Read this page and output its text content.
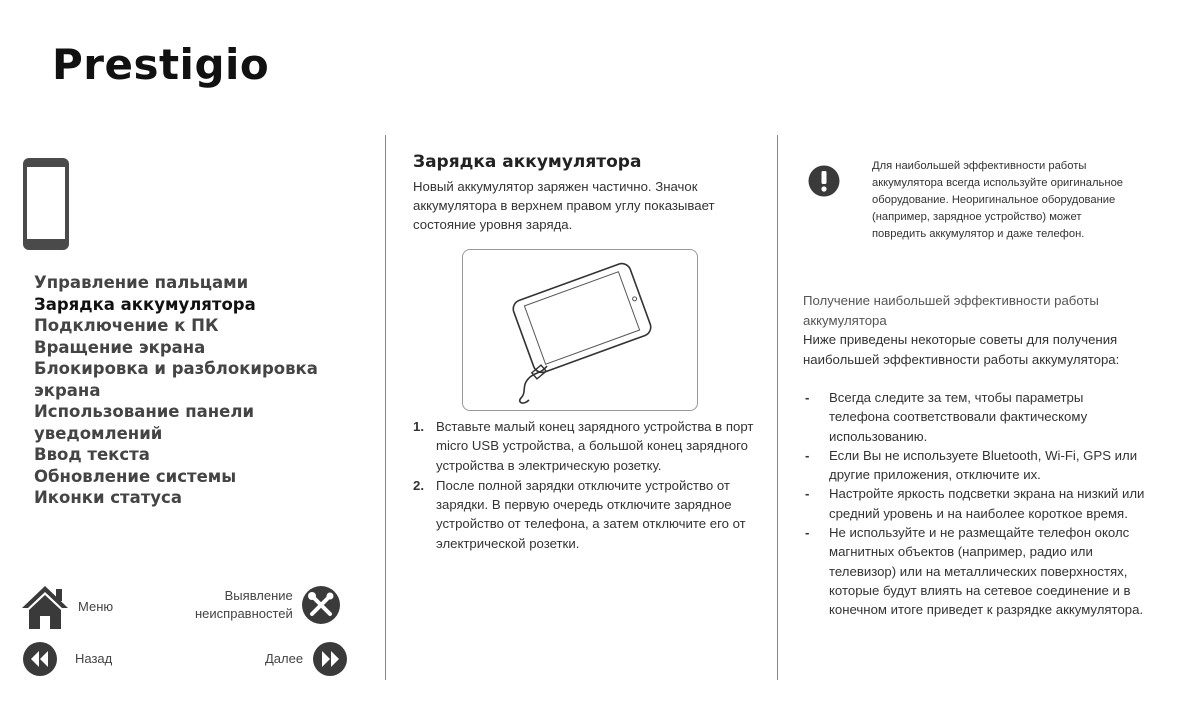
Prestigio
Управление пальцами
Зарядка аккумулятора
Подключение к ПК
Вращение экрана
Блокировка и разблокировка экрана
Использование панели уведомлений
Ввод текста
Обновление системы
Иконки статуса
Меню
Выявление
неисправностей
Назад	Далее
Зарядка аккумулятора

Новый аккумулятор заряжен частично. Значок аккумулятора в верхнем правом углу показывает состояние уровня заряда.

1. Вставьте малый конец зарядного устройства в порт micro USB устройства, а большой конец зарядного устройства в электрическую розетку.
2. После полной зарядки отключите устройство от зарядки. В первую очередь отключите зарядное устройство от телефона, а затем отключите его от электрической розетки.

Для наибольшей эффективности работы аккумулятора всегда используйте оригинальное оборудование. Неоригинальное оборудование (например, зарядное устройство) может повредить аккумулятор и даже телефон.

Получение наибольшей эффективности работы аккумулятора

Ниже приведены некоторые советы для получения наибольшей эффективности работы аккумулятора:

-	Всегда следите за тем, чтобы параметры телефона соответствовали фактическому использованию.
-	Если Вы не используете Bluetooth, Wi-Fi, GPS или другие приложения, отключите их.
-	Настройте яркость подсветки экрана на низкий или средний уровень и на наиболее короткое время.
-	Не используйте и не размещайте телефон околс магнитных объектов (например, радио или телевизор) или на металлических поверхностях, которые будут влиять на сетевое соединение и в конечном итоге приведет к разрядке аккумулятора.
